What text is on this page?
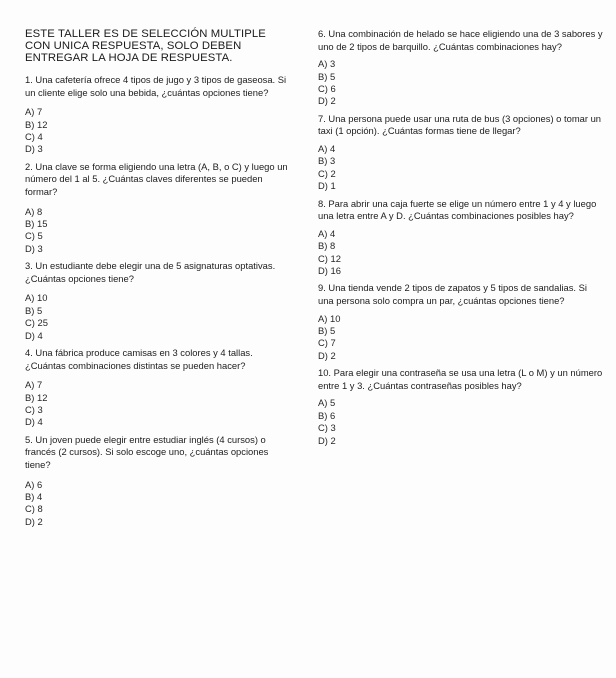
ESTE TALLER ES DE SELECCIÓN MULTIPLE
CON UNICA RESPUESTA, SOLO DEBEN
ENTREGAR LA HOJA DE RESPUESTA.
1. Una cafetería ofrece 4 tipos de jugo y 3 tipos de gaseosa. Si un cliente elige solo una bebida, ¿cuántas opciones tiene?
A) 7
B) 12
C) 4
D) 3
2. Una clave se forma eligiendo una letra (A, B, o C) y luego un número del 1 al 5. ¿Cuántas claves diferentes se pueden formar?
A) 8
B) 15
C) 5
D) 3
3. Un estudiante debe elegir una de 5 asignaturas optativas. ¿Cuántas opciones tiene?
A) 10
B) 5
C) 25
D) 4
4. Una fábrica produce camisas en 3 colores y 4 tallas. ¿Cuántas combinaciones distintas se pueden hacer?
A) 7
B) 12
C) 3
D) 4
5. Un joven puede elegir entre estudiar inglés (4 cursos) o francés (2 cursos). Si solo escoge uno, ¿cuántas opciones tiene?
A) 6
B) 4
C) 8
D) 2
6. Una combinación de helado se hace eligiendo una de 3 sabores y uno de 2 tipos de barquillo. ¿Cuántas combinaciones hay?
A) 3
B) 5
C) 6
D) 2
7. Una persona puede usar una ruta de bus (3 opciones) o tomar un taxi (1 opción). ¿Cuántas formas tiene de llegar?
A) 4
B) 3
C) 2
D) 1
8. Para abrir una caja fuerte se elige un número entre 1 y 4 y luego una letra entre A y D. ¿Cuántas combinaciones posibles hay?
A) 4
B) 8
C) 12
D) 16
9. Una tienda vende 2 tipos de zapatos y 5 tipos de sandalias. Si una persona solo compra un par, ¿cuántas opciones tiene?
A) 10
B) 5
C) 7
D) 2
10. Para elegir una contraseña se usa una letra (L o M) y un número entre 1 y 3. ¿Cuántas contraseñas posibles hay?
A) 5
B) 6
C) 3
D) 2
